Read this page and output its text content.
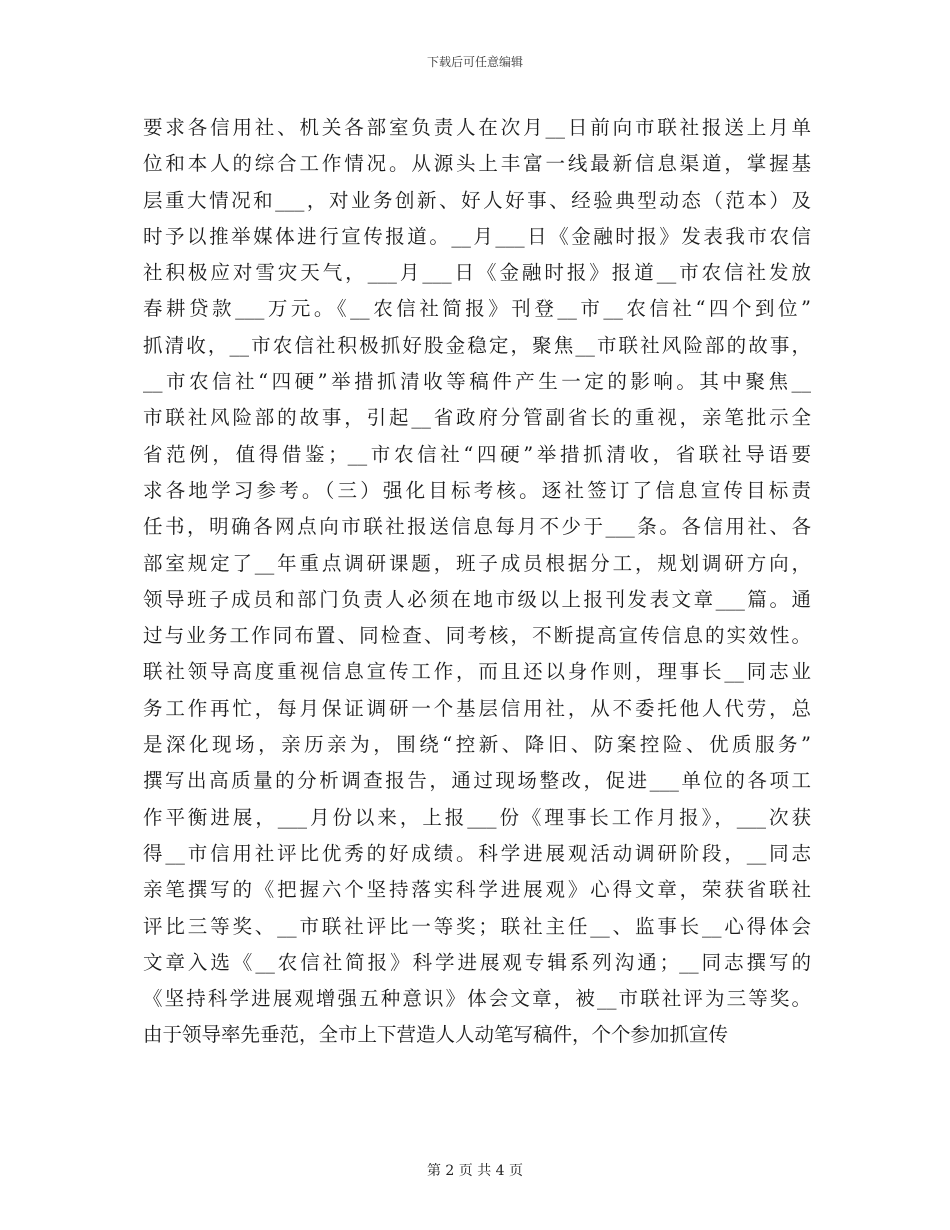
下载后可任意编辑
要求各信用社、机关各部室负责人在次月__日前向市联社报送上月单
位和本人的综合工作情况。从源头上丰富一线最新信息渠道，掌握基
层重大情况和___，对业务创新、好人好事、经验典型动态（范本）及
时予以推举媒体进行宣传报道。__月___日《金融时报》发表我市农信
社积极应对雪灾天气，___月___日《金融时报》报道__市农信社发放
春耕贷款___万元。《__农信社简报》刊登__市__农信社“四个到位”
抓清收，__市农信社积极抓好股金稳定，聚焦__市联社风险部的故事，
__市农信社“四硬”举措抓清收等稿件产生一定的影响。其中聚焦__
市联社风险部的故事，引起__省政府分管副省长的重视，亲笔批示全
省范例，值得借鉴；__市农信社“四硬”举措抓清收，省联社导语要
求各地学习参考。（三）强化目标考核。逐社签订了信息宣传目标责
任书，明确各网点向市联社报送信息每月不少于___条。各信用社、各
部室规定了__年重点调研课题，班子成员根据分工，规划调研方向，
领导班子成员和部门负责人必须在地市级以上报刊发表文章___篇。通
过与业务工作同布置、同检查、同考核，不断提高宣传信息的实效性。
联社领导高度重视信息宣传工作，而且还以身作则，理事长__同志业
务工作再忙，每月保证调研一个基层信用社，从不委托他人代劳，总
是深化现场，亲历亲为，围绕“控新、降旧、防案控险、优质服务”
撰写出高质量的分析调查报告，通过现场整改，促进___单位的各项工
作平衡进展，___月份以来，上报___份《理事长工作月报》，___次获
得__市信用社评比优秀的好成绩。科学进展观活动调研阶段，__同志
亲笔撰写的《把握六个坚持落实科学进展观》心得文章，荣获省联社
评比三等奖、__市联社评比一等奖；联社主任__、监事长__心得体会
文章入选《__农信社简报》科学进展观专辑系列沟通；__同志撰写的
《坚持科学进展观增强五种意识》体会文章，被__市联社评为三等奖。
由于领导率先垂范，全市上下营造人人动笔写稿件，个个参加抓宣传
第 2 页 共 4 页
